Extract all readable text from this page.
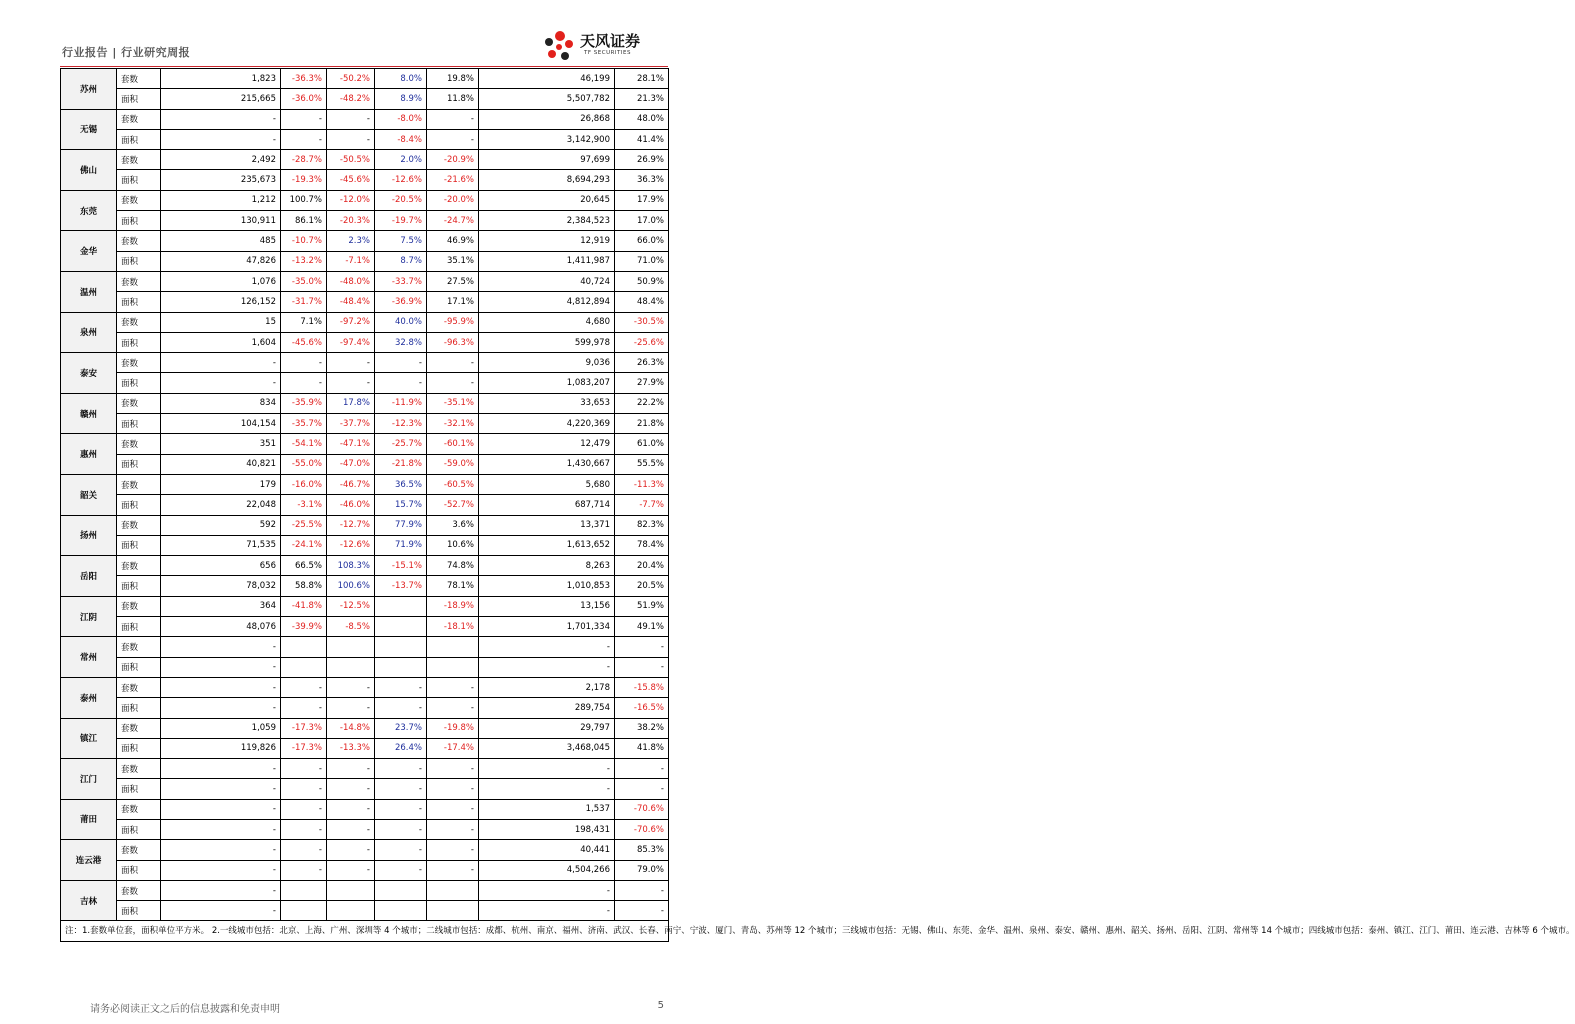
行业报告 | 行业研究周报
天风证券
TF SECURITIES
苏州	套数	1,823	-36.3%	-50.2%	8.0%	19.8%	46,199	28.1%
	面积	215,665	-36.0%	-48.2%	8.9%	11.8%	5,507,782	21.3%
无锡	套数	-	-	-	-8.0%	-	26,868	48.0%
	面积	-	-	-	-8.4%	-	3,142,900	41.4%
佛山	套数	2,492	-28.7%	-50.5%	2.0%	-20.9%	97,699	26.9%
	面积	235,673	-19.3%	-45.6%	-12.6%	-21.6%	8,694,293	36.3%
东莞	套数	1,212	100.7%	-12.0%	-20.5%	-20.0%	20,645	17.9%
	面积	130,911	86.1%	-20.3%	-19.7%	-24.7%	2,384,523	17.0%
金华	套数	485	-10.7%	2.3%	7.5%	46.9%	12,919	66.0%
	面积	47,826	-13.2%	-7.1%	8.7%	35.1%	1,411,987	71.0%
温州	套数	1,076	-35.0%	-48.0%	-33.7%	27.5%	40,724	50.9%
	面积	126,152	-31.7%	-48.4%	-36.9%	17.1%	4,812,894	48.4%
泉州	套数	15	7.1%	-97.2%	40.0%	-95.9%	4,680	-30.5%
	面积	1,604	-45.6%	-97.4%	32.8%	-96.3%	599,978	-25.6%
泰安	套数	-	-	-	-	-	9,036	26.3%
	面积	-	-	-	-	-	1,083,207	27.9%
赣州	套数	834	-35.9%	17.8%	-11.9%	-35.1%	33,653	22.2%
	面积	104,154	-35.7%	-37.7%	-12.3%	-32.1%	4,220,369	21.8%
惠州	套数	351	-54.1%	-47.1%	-25.7%	-60.1%	12,479	61.0%
	面积	40,821	-55.0%	-47.0%	-21.8%	-59.0%	1,430,667	55.5%
韶关	套数	179	-16.0%	-46.7%	36.5%	-60.5%	5,680	-11.3%
	面积	22,048	-3.1%	-46.0%	15.7%	-52.7%	687,714	-7.7%
扬州	套数	592	-25.5%	-12.7%	77.9%	3.6%	13,371	82.3%
	面积	71,535	-24.1%	-12.6%	71.9%	10.6%	1,613,652	78.4%
岳阳	套数	656	66.5%	108.3%	-15.1%	74.8%	8,263	20.4%
	面积	78,032	58.8%	100.6%	-13.7%	78.1%	1,010,853	20.5%
江阴	套数	364	-41.8%	-12.5%		-18.9%	13,156	51.9%
	面积	48,076	-39.9%	-8.5%		-18.1%	1,701,334	49.1%
常州	套数	-					-	-
	面积	-					-	-
泰州	套数	-	-	-	-	-	2,178	-15.8%
	面积	-	-	-	-	-	289,754	-16.5%
镇江	套数	1,059	-17.3%	-14.8%	23.7%	-19.8%	29,797	38.2%
	面积	119,826	-17.3%	-13.3%	26.4%	-17.4%	3,468,045	41.8%
江门	套数	-	-	-	-	-	-	-
	面积	-	-	-	-	-	-	-
莆田	套数	-	-	-	-	-	1,537	-70.6%
	面积	-	-	-	-	-	198,431	-70.6%
连云港	套数	-	-	-	-	-	40,441	85.3%
	面积	-	-	-	-	-	4,504,266	79.0%
吉林	套数	-					-	-
	面积	-					-	-
注：1.套数单位套，面积单位平方米。 2.一线城市包括：北京、上海、广州、深圳等 4 个城市；二线城市包括：成都、杭州、南京、福州、济南、武汉、长春、南宁、宁波、厦门、青岛、苏州等 12 个城市；三线城市包括：无锡、佛山、东莞、金华、温州、泉州、泰安、赣州、惠州、韶关、扬州、岳阳、江阴、常州等 14 个城市；四线城市包括：泰州、镇江、江门、莆田、连云港、吉林等 6 个城市。								
请务必阅读正文之后的信息披露和免责申明	5
